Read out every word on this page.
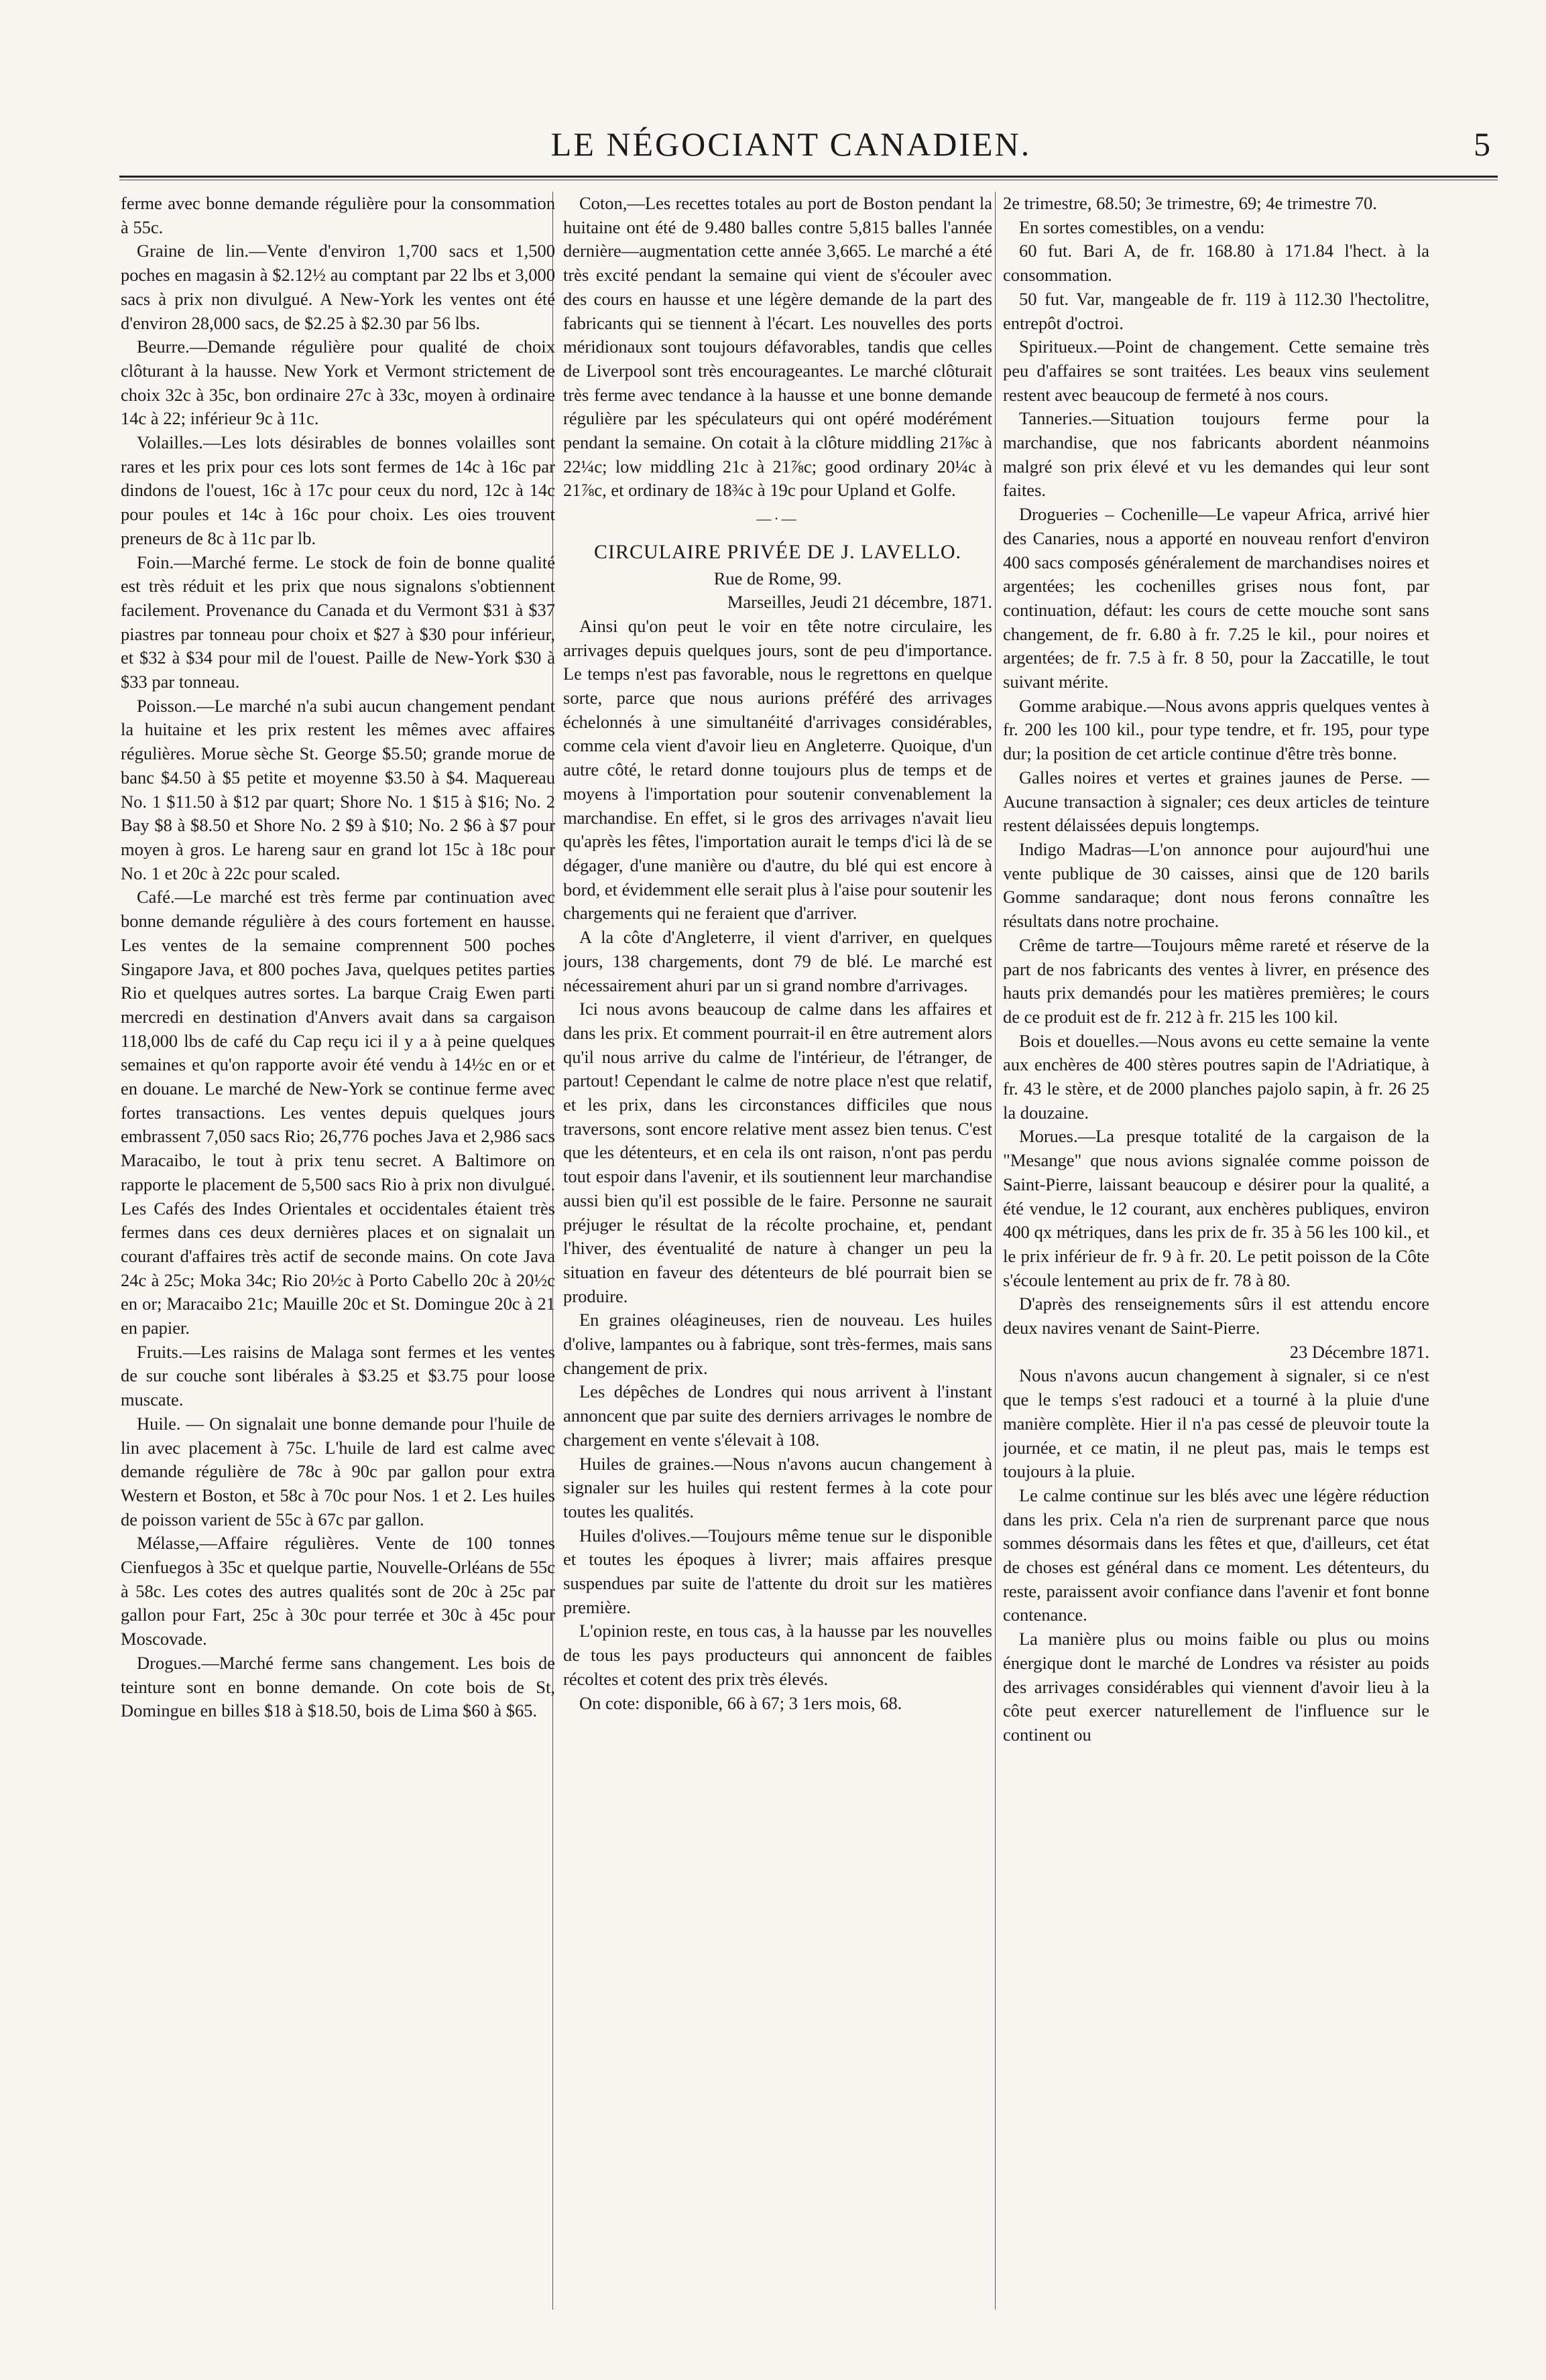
LE NÉGOCIANT CANADIEN.	5

ferme avec bonne demande régulière pour la consommation à 55c.

Graine de lin.—Vente d'environ 1,700 sacs et 1,500 poches en magasin à $2.12½ au comptant par 22 lbs et 3,000 sacs à prix non divulgué. A New-York les ventes ont été d'environ 28,000 sacs, de $2.25 à $2.30 par 56 lbs.

Beurre.—Demande régulière pour qualité de choix clôturant à la hausse. New York et Vermont strictement de choix 32c à 35c, bon ordinaire 27c à 33c, moyen à ordinaire 14c à 22; inférieur 9c à 11c.

Volailles.—Les lots désirables de bonnes volailles sont rares et les prix pour ces lots sont fermes de 14c à 16c par dindons de l'ouest, 16c à 17c pour ceux du nord, 12c à 14c pour poules et 14c à 16c pour choix. Les oies trouvent preneurs de 8c à 11c par lb.

Foin.—Marché ferme. Le stock de foin de bonne qualité est très réduit et les prix que nous signalons s'obtiennent facilement. Provenance du Canada et du Vermont $31 à $37 piastres par tonneau pour choix et $27 à $30 pour inférieur, et $32 à $34 pour mil de l'ouest. Paille de New-York $30 à $33 par tonneau.

Poisson.—Le marché n'a subi aucun changement pendant la huitaine et les prix restent les mêmes avec affaires régulières. Morue sèche St. George $5.50; grande morue de banc $4.50 à $5 petite et moyenne $3.50 à $4. Maquereau No. 1 $11.50 à $12 par quart; Shore No. 1 $15 à $16; No. 2 Bay $8 à $8.50 et Shore No. 2 $9 à $10; No. 2 $6 à $7 pour moyen à gros. Le hareng saur en grand lot 15c à 18c pour No. 1 et 20c à 22c pour scaled.

Café.—Le marché est très ferme par continuation avec bonne demande régulière à des cours fortement en hausse. Les ventes de la semaine comprennent 500 poches Singapore Java, et 800 poches Java, quelques petites parties Rio et quelques autres sortes. La barque Craig Ewen parti mercredi en destination d'Anvers avait dans sa cargaison 118,000 lbs de café du Cap reçu ici il y a à peine quelques semaines et qu'on rapporte avoir été vendu à 14½c en or et en douane. Le marché de New-York se continue ferme avec fortes transactions. Les ventes depuis quelques jours embrassent 7,050 sacs Rio; 26,776 poches Java et 2,986 sacs Maracaibo, le tout à prix tenu secret. A Baltimore on rapporte le placement de 5,500 sacs Rio à prix non divulgué. Les Cafés des Indes Orientales et occidentales étaient très fermes dans ces deux dernières places et on signalait un courant d'affaires très actif de seconde mains. On cote Java 24c à 25c; Moka 34c; Rio 20½c à Porto Cabello 20c à 20½c en or; Maracaibo 21c; Mauille 20c et St. Domingue 20c à 21 en papier.

Fruits.—Les raisins de Malaga sont fermes et les ventes de sur couche sont libérales à $3.25 et $3.75 pour loose muscate.

Huile. — On signalait une bonne demande pour l'huile de lin avec placement à 75c. L'huile de lard est calme avec demande régulière de 78c à 90c par gallon pour extra Western et Boston, et 58c à 70c pour Nos. 1 et 2. Les huiles de poisson varient de 55c à 67c par gallon.

Mélasse,—Affaire régulières. Vente de 100 tonnes Cienfuegos à 35c et quelque partie, Nouvelle-Orléans de 55c à 58c. Les cotes des autres qualités sont de 20c à 25c par gallon pour Fart, 25c à 30c pour terrée et 30c à 45c pour Moscovade.

Drogues.—Marché ferme sans changement. Les bois de teinture sont en bonne demande. On cote bois de St, Domingue en billes $18 à $18.50, bois de Lima $60 à $65.

Coton,—Les recettes totales au port de Boston pendant la huitaine ont été de 9.480 balles contre 5,815 balles l'année dernière—augmentation cette année 3,665. Le marché a été très excité pendant la semaine qui vient de s'écouler avec des cours en hausse et une légère demande de la part des fabricants qui se tiennent à l'écart. Les nouvelles des ports méridionaux sont toujours défavorables, tandis que celles de Liverpool sont très encourageantes. Le marché clôturait très ferme avec tendance à la hausse et une bonne demande régulière par les spéculateurs qui ont opéré modérément pendant la semaine. On cotait à la clôture middling 21⅞c à 22¼c; low middling 21c à 21⅞c; good ordinary 20¼c à 21⅞c, et ordinary de 18¾c à 19c pour Upland et Golfe.

—·—

CIRCULAIRE PRIVÉE DE J. LAVELLO.

Rue de Rome, 99.

Marseilles, Jeudi 21 décembre, 1871.

Ainsi qu'on peut le voir en tête notre circulaire, les arrivages depuis quelques jours, sont de peu d'importance. Le temps n'est pas favorable, nous le regrettons en quelque sorte, parce que nous aurions préféré des arrivages échelonnés à une simultanéité d'arrivages considérables, comme cela vient d'avoir lieu en Angleterre. Quoique, d'un autre côté, le retard donne toujours plus de temps et de moyens à l'importation pour soutenir convenablement la marchandise. En effet, si le gros des arrivages n'avait lieu qu'après les fêtes, l'importation aurait le temps d'ici là de se dégager, d'une manière ou d'autre, du blé qui est encore à bord, et évidemment elle serait plus à l'aise pour soutenir les chargements qui ne feraient que d'arriver.

A la côte d'Angleterre, il vient d'arriver, en quelques jours, 138 chargements, dont 79 de blé. Le marché est nécessairement ahuri par un si grand nombre d'arrivages.

Ici nous avons beaucoup de calme dans les affaires et dans les prix. Et comment pourrait-il en être autrement alors qu'il nous arrive du calme de l'intérieur, de l'étranger, de partout! Cependant le calme de notre place n'est que relatif, et les prix, dans les circonstances difficiles que nous traversons, sont encore relative ment assez bien tenus. C'est que les détenteurs, et en cela ils ont raison, n'ont pas perdu tout espoir dans l'avenir, et ils soutiennent leur marchandise aussi bien qu'il est possible de le faire. Personne ne saurait préjuger le résultat de la récolte prochaine, et, pendant l'hiver, des éventualité de nature à changer un peu la situation en faveur des détenteurs de blé pourrait bien se produire.

En graines oléagineuses, rien de nouveau. Les huiles d'olive, lampantes ou à fabrique, sont très-fermes, mais sans changement de prix.

Les dépêches de Londres qui nous arrivent à l'instant annoncent que par suite des derniers arrivages le nombre de chargement en vente s'élevait à 108.

Huiles de graines.—Nous n'avons aucun changement à signaler sur les huiles qui restent fermes à la cote pour toutes les qualités.

Huiles d'olives.—Toujours même tenue sur le disponible et toutes les époques à livrer; mais affaires presque suspendues par suite de l'attente du droit sur les matières première.

L'opinion reste, en tous cas, à la hausse par les nouvelles de tous les pays producteurs qui annoncent de faibles récoltes et cotent des prix très élevés.

On cote: disponible, 66 à 67; 3 1ers mois, 68.

2e trimestre, 68.50; 3e trimestre, 69; 4e trimestre 70.

En sortes comestibles, on a vendu:

60 fut. Bari A, de fr. 168.80 à 171.84 l'hect. à la consommation.

50 fut. Var, mangeable de fr. 119 à 112.30 l'hectolitre, entrepôt d'octroi.

Spiritueux.—Point de changement. Cette semaine très peu d'affaires se sont traitées. Les beaux vins seulement restent avec beaucoup de fermeté à nos cours.

Tanneries.—Situation toujours ferme pour la marchandise, que nos fabricants abordent néanmoins malgré son prix élevé et vu les demandes qui leur sont faites.

Drogueries – Cochenille—Le vapeur Africa, arrivé hier des Canaries, nous a apporté en nouveau renfort d'environ 400 sacs composés généralement de marchandises noires et argentées; les cochenilles grises nous font, par continuation, défaut: les cours de cette mouche sont sans changement, de fr. 6.80 à fr. 7.25 le kil., pour noires et argentées; de fr. 7.5 à fr. 8 50, pour la Zaccatille, le tout suivant mérite.

Gomme arabique.—Nous avons appris quelques ventes à fr. 200 les 100 kil., pour type tendre, et fr. 195, pour type dur; la position de cet article continue d'être très bonne.

Galles noires et vertes et graines jaunes de Perse. — Aucune transaction à signaler; ces deux articles de teinture restent délaissées depuis longtemps.

Indigo Madras—L'on annonce pour aujourd'hui une vente publique de 30 caisses, ainsi que de 120 barils Gomme sandaraque; dont nous ferons connaître les résultats dans notre prochaine.

Crême de tartre—Toujours même rareté et réserve de la part de nos fabricants des ventes à livrer, en présence des hauts prix demandés pour les matières premières; le cours de ce produit est de fr. 212 à fr. 215 les 100 kil.

Bois et douelles.—Nous avons eu cette semaine la vente aux enchères de 400 stères poutres sapin de l'Adriatique, à fr. 43 le stère, et de 2000 planches pajolo sapin, à fr. 26 25 la douzaine.

Morues.—La presque totalité de la cargaison de la "Mesange" que nous avions signalée comme poisson de Saint-Pierre, laissant beaucoup e désirer pour la qualité, a été vendue, le 12 courant, aux enchères publiques, environ 400 qx métriques, dans les prix de fr. 35 à 56 les 100 kil., et le prix inférieur de fr. 9 à fr. 20. Le petit poisson de la Côte s'écoule lentement au prix de fr. 78 à 80.

D'après des renseignements sûrs il est attendu encore deux navires venant de Saint-Pierre.

23 Décembre 1871.

Nous n'avons aucun changement à signaler, si ce n'est que le temps s'est radouci et a tourné à la pluie d'une manière complète. Hier il n'a pas cessé de pleuvoir toute la journée, et ce matin, il ne pleut pas, mais le temps est toujours à la pluie.

Le calme continue sur les blés avec une légère réduction dans les prix. Cela n'a rien de surprenant parce que nous sommes désormais dans les fêtes et que, d'ailleurs, cet état de choses est général dans ce moment. Les détenteurs, du reste, paraissent avoir confiance dans l'avenir et font bonne contenance.

La manière plus ou moins faible ou plus ou moins énergique dont le marché de Londres va résister au poids des arrivages considérables qui viennent d'avoir lieu à la côte peut exercer naturellement de l'influence sur le continent ou
